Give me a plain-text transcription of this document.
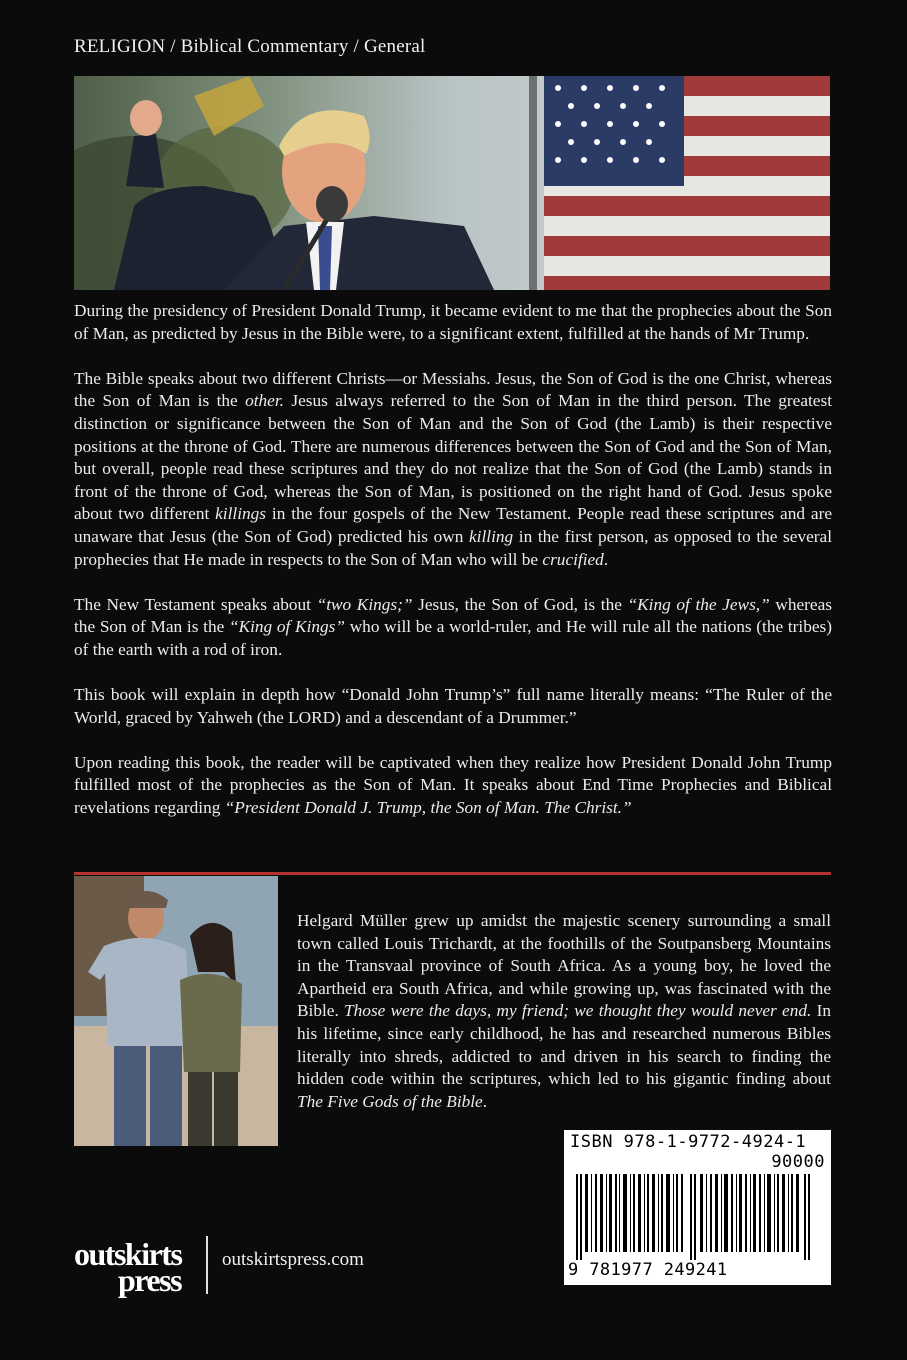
RELIGION / Biblical Commentary / General

During the presidency of President Donald Trump, it became evident to me that the prophecies about the Son of Man, as predicted by Jesus in the Bible were, to a significant extent, fulfilled at the hands of Mr Trump.

The Bible speaks about two different Christs—or Messiahs. Jesus, the Son of God is the one Christ, whereas the Son of Man is the other. Jesus always referred to the Son of Man in the third person. The greatest distinction or significance between the Son of Man and the Son of God (the Lamb) is their respective positions at the throne of God. There are numerous differences between the Son of God and the Son of Man, but overall, people read these scriptures and they do not realize that the Son of God (the Lamb) stands in front of the throne of God, whereas the Son of Man, is positioned on the right hand of God. Jesus spoke about two different killings in the four gospels of the New Testament. People read these scriptures and are unaware that Jesus (the Son of God) predicted his own killing in the first person, as opposed to the several prophecies that He made in respects to the Son of Man who will be crucified.

The New Testament speaks about “two Kings;” Jesus, the Son of God, is the “King of the Jews,” whereas the Son of Man is the “King of Kings” who will be a world-ruler, and He will rule all the nations (the tribes) of the earth with a rod of iron.

This book will explain in depth how “Donald John Trump’s” full name literally means: “The Ruler of the World, graced by Yahweh (the LORD) and a descendant of a Drummer.”

Upon reading this book, the reader will be captivated when they realize how President Donald John Trump fulfilled most of the prophecies as the Son of Man. It speaks about End Time Prophecies and Biblical revelations regarding “President Donald J. Trump, the Son of Man. The Christ.”

Helgard Müller grew up amidst the majestic scenery surrounding a small town called Louis Trichardt, at the foothills of the Soutpansberg Mountains in the Transvaal province of South Africa. As a young boy, he loved the Apartheid era South Africa, and while growing up, was fascinated with the Bible. Those were the days, my friend; we thought they would never end. In his lifetime, since early childhood, he has and researched numerous Bibles literally into shreds, addicted to and driven in his search to finding the hidden code within the scriptures, which led to his gigantic finding about The Five Gods of the Bible.
ISBN 978-1-9772-4924-1
90000
9 781977 249241
outskirts
press
outskirtspress.com
